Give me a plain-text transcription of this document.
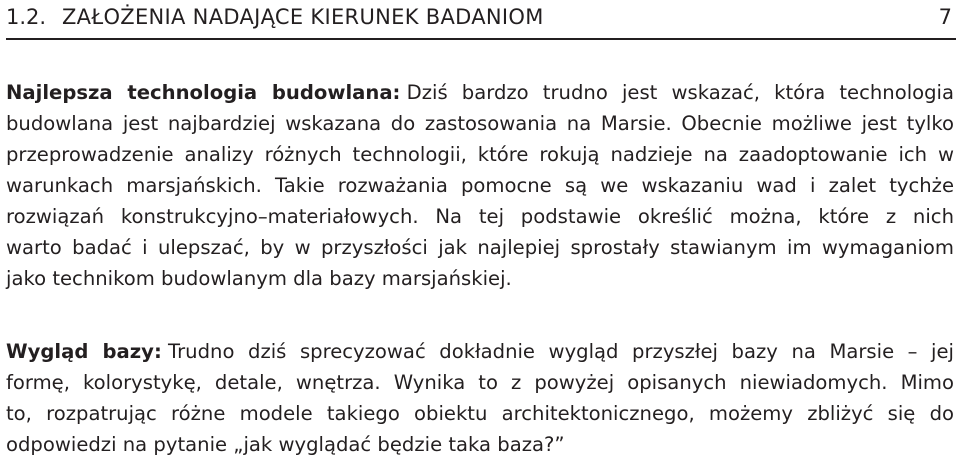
1.2. ZAŁOŻENIA NADAJĄCE KIERUNEK BADANIOM	7
Najlepsza technologia budowlana: Dziś bardzo trudno jest wskazać, która technologia
budowlana jest najbardziej wskazana do zastosowania na Marsie. Obecnie możliwe jest tylko
przeprowadzenie analizy różnych technologii, które rokują nadzieje na zaadoptowanie ich w
warunkach marsjańskich. Takie rozważania pomocne są we wskazaniu wad i zalet tychże
rozwiązań konstrukcyjno–materiałowych. Na tej podstawie określić można, które z nich
warto badać i ulepszać, by w przyszłości jak najlepiej sprostały stawianym im wymaganiom
jako technikom budowlanym dla bazy marsjańskiej.
Wygląd bazy: Trudno dziś sprecyzować dokładnie wygląd przyszłej bazy na Marsie – jej
formę, kolorystykę, detale, wnętrza. Wynika to z powyżej opisanych niewiadomych. Mimo
to, rozpatrując różne modele takiego obiektu architektonicznego, możemy zbliżyć się do
odpowiedzi na pytanie „jak wyglądać będzie taka baza?”
